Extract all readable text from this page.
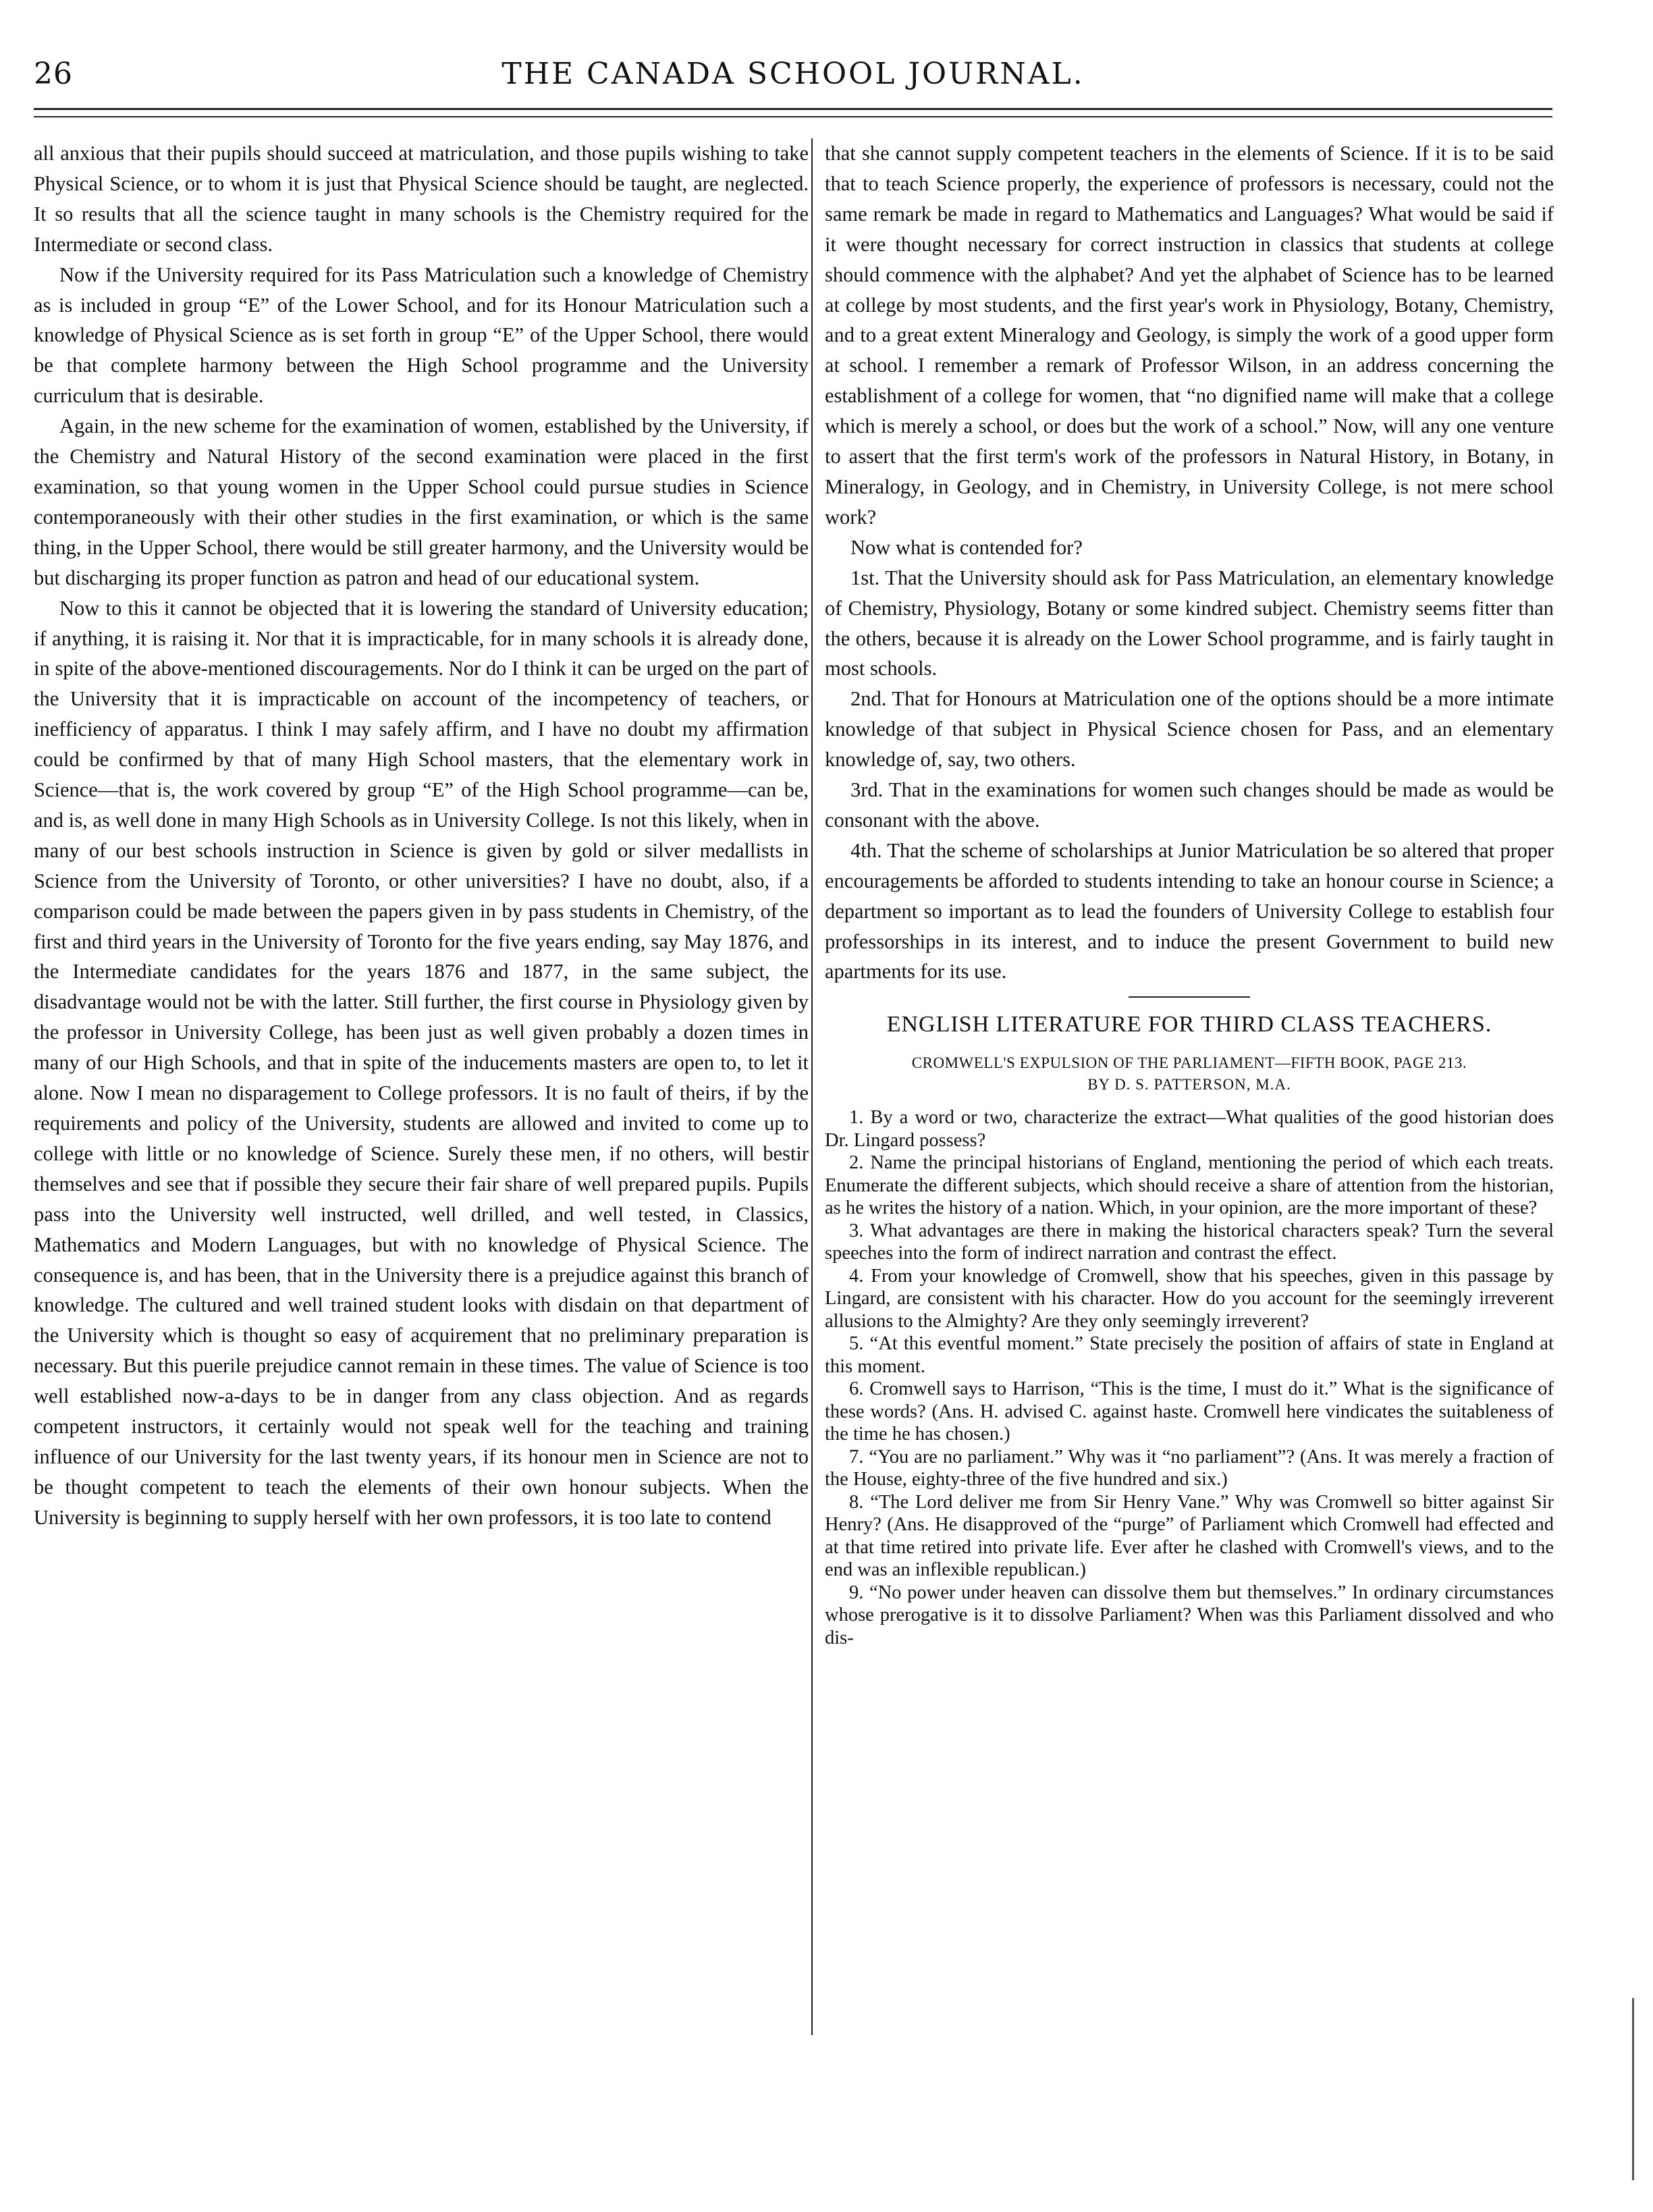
26	THE CANADA SCHOOL JOURNAL.

all anxious that their pupils should succeed at matriculation, and those pupils wishing to take Physical Science, or to whom it is just that Physical Science should be taught, are neglected. It so results that all the science taught in many schools is the Chemistry required for the Intermediate or second class.

Now if the University required for its Pass Matriculation such a knowledge of Chemistry as is included in group “E” of the Lower School, and for its Honour Matriculation such a knowledge of Physical Science as is set forth in group “E” of the Upper School, there would be that complete harmony between the High School programme and the University curriculum that is desirable.

Again, in the new scheme for the examination of women, established by the University, if the Chemistry and Natural History of the second examination were placed in the first examination, so that young women in the Upper School could pursue studies in Science contemporaneously with their other studies in the first examination, or which is the same thing, in the Upper School, there would be still greater harmony, and the University would be but discharging its proper function as patron and head of our educational system.

Now to this it cannot be objected that it is lowering the standard of University education; if anything, it is raising it. Nor that it is impracticable, for in many schools it is already done, in spite of the above-mentioned discouragements. Nor do I think it can be urged on the part of the University that it is impracticable on account of the incompetency of teachers, or inefficiency of apparatus. I think I may safely affirm, and I have no doubt my affirmation could be confirmed by that of many High School masters, that the elementary work in Science—that is, the work covered by group “E” of the High School programme—can be, and is, as well done in many High Schools as in University College. Is not this likely, when in many of our best schools instruction in Science is given by gold or silver medallists in Science from the University of Toronto, or other universities? I have no doubt, also, if a comparison could be made between the papers given in by pass students in Chemistry, of the first and third years in the University of Toronto for the five years ending, say May 1876, and the Intermediate candidates for the years 1876 and 1877, in the same subject, the disadvantage would not be with the latter. Still further, the first course in Physiology given by the professor in University College, has been just as well given probably a dozen times in many of our High Schools, and that in spite of the inducements masters are open to, to let it alone. Now I mean no disparagement to College professors. It is no fault of theirs, if by the requirements and policy of the University, students are allowed and invited to come up to college with little or no knowledge of Science. Surely these men, if no others, will bestir themselves and see that if possible they secure their fair share of well prepared pupils. Pupils pass into the University well instructed, well drilled, and well tested, in Classics, Mathematics and Modern Languages, but with no knowledge of Physical Science. The consequence is, and has been, that in the University there is a prejudice against this branch of knowledge. The cultured and well trained student looks with disdain on that department of the University which is thought so easy of acquirement that no preliminary preparation is necessary. But this puerile prejudice cannot remain in these times. The value of Science is too well established now-a-days to be in danger from any class objection. And as regards competent instructors, it certainly would not speak well for the teaching and training influence of our University for the last twenty years, if its honour men in Science are not to be thought competent to teach the elements of their own honour subjects. When the University is beginning to supply herself with her own professors, it is too late to contend

that she cannot supply competent teachers in the elements of Science. If it is to be said that to teach Science properly, the experience of professors is necessary, could not the same remark be made in regard to Mathematics and Languages? What would be said if it were thought necessary for correct instruction in classics that students at college should commence with the alphabet? And yet the alphabet of Science has to be learned at college by most students, and the first year's work in Physiology, Botany, Chemistry, and to a great extent Mineralogy and Geology, is simply the work of a good upper form at school. I remember a remark of Professor Wilson, in an address concerning the establishment of a college for women, that “no dignified name will make that a college which is merely a school, or does but the work of a school.” Now, will any one venture to assert that the first term's work of the professors in Natural History, in Botany, in Mineralogy, in Geology, and in Chemistry, in University College, is not mere school work?

Now what is contended for?

1st. That the University should ask for Pass Matriculation, an elementary knowledge of Chemistry, Physiology, Botany or some kindred subject. Chemistry seems fitter than the others, because it is already on the Lower School programme, and is fairly taught in most schools.

2nd. That for Honours at Matriculation one of the options should be a more intimate knowledge of that subject in Physical Science chosen for Pass, and an elementary knowledge of, say, two others.

3rd. That in the examinations for women such changes should be made as would be consonant with the above.

4th. That the scheme of scholarships at Junior Matriculation be so altered that proper encouragements be afforded to students intending to take an honour course in Science; a department so important as to lead the founders of University College to establish four professorships in its interest, and to induce the present Government to build new apartments for its use.

ENGLISH LITERATURE FOR THIRD CLASS TEACHERS.
CROMWELL'S EXPULSION OF THE PARLIAMENT—FIFTH BOOK, PAGE 213.
BY D. S. PATTERSON, M.A.

1. By a word or two, characterize the extract—What qualities of the good historian does Dr. Lingard possess?

2. Name the principal historians of England, mentioning the period of which each treats. Enumerate the different subjects, which should receive a share of attention from the historian, as he writes the history of a nation. Which, in your opinion, are the more important of these?

3. What advantages are there in making the historical characters speak? Turn the several speeches into the form of indirect narration and contrast the effect.

4. From your knowledge of Cromwell, show that his speeches, given in this passage by Lingard, are consistent with his character. How do you account for the seemingly irreverent allusions to the Almighty? Are they only seemingly irreverent?

5. “At this eventful moment.” State precisely the position of affairs of state in England at this moment.

6. Cromwell says to Harrison, “This is the time, I must do it.” What is the significance of these words? (Ans. H. advised C. against haste. Cromwell here vindicates the suitableness of the time he has chosen.)

7. “You are no parliament.” Why was it “no parliament”? (Ans. It was merely a fraction of the House, eighty-three of the five hundred and six.)

8. “The Lord deliver me from Sir Henry Vane.” Why was Cromwell so bitter against Sir Henry? (Ans. He disapproved of the “purge” of Parliament which Cromwell had effected and at that time retired into private life. Ever after he clashed with Cromwell's views, and to the end was an inflexible republican.)

9. “No power under heaven can dissolve them but themselves.” In ordinary circumstances whose prerogative is it to dissolve Parliament? When was this Parliament dissolved and who dis-
